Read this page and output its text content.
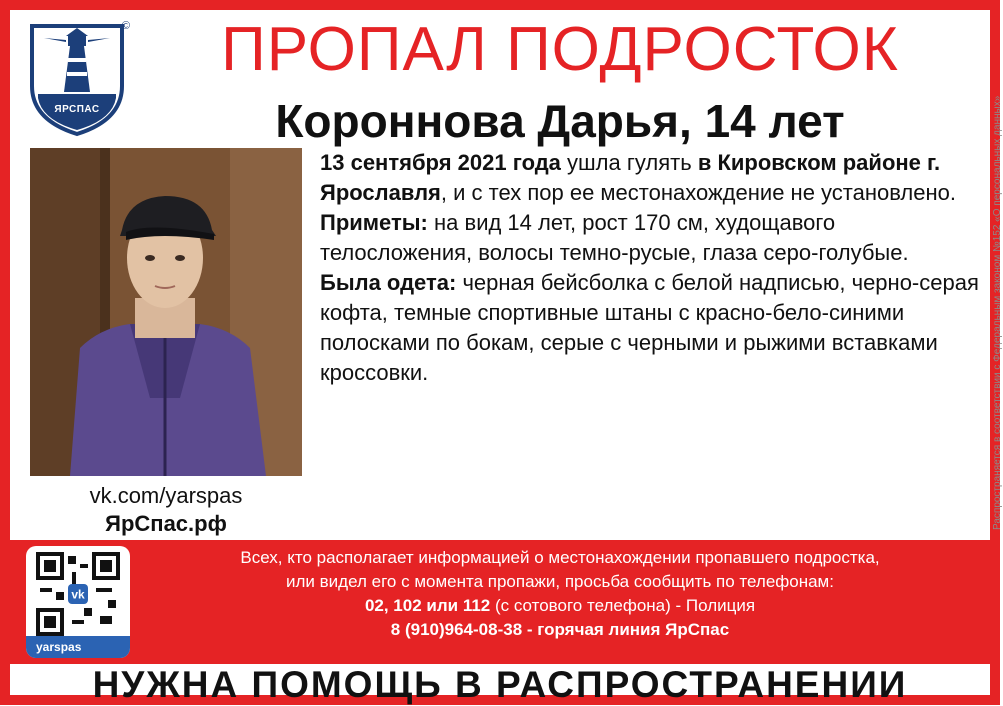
ЯРСПАС
©	ПРОПАЛ ПОДРОСТОК
Короннова Дарья, 14 лет
vk.com/yarspas
ЯрСпас.рф

13 сентября 2021 года ушла гулять в Кировском районе г. Ярославля, и с тех пор ее местонахождение не установлено.

Приметы: на вид 14 лет, рост 170 см, худощавого телосложения, волосы темно-русые, глаза серо-голубые.

Была одета: черная бейсболка с белой надписью, черно-серая кофта, темные спортивные штаны с красно-бело-синими полосками по бокам, серые с черными и рыжими вставками кроссовки.	Распространяется в соответствии с Федеральным законом №152 «О персональных данных»
vk
yarspas
Всех, кто располагает информацией о местонахождении пропавшего подростка,
или видел его с момента пропажи, просьба сообщить по телефонам:
02, 102 или 112 (с сотового телефона) - Полиция
8 (910)964-08-38 - горячая линия ЯрСпас
НУЖНА ПОМОЩЬ В РАСПРОСТРАНЕНИИ
